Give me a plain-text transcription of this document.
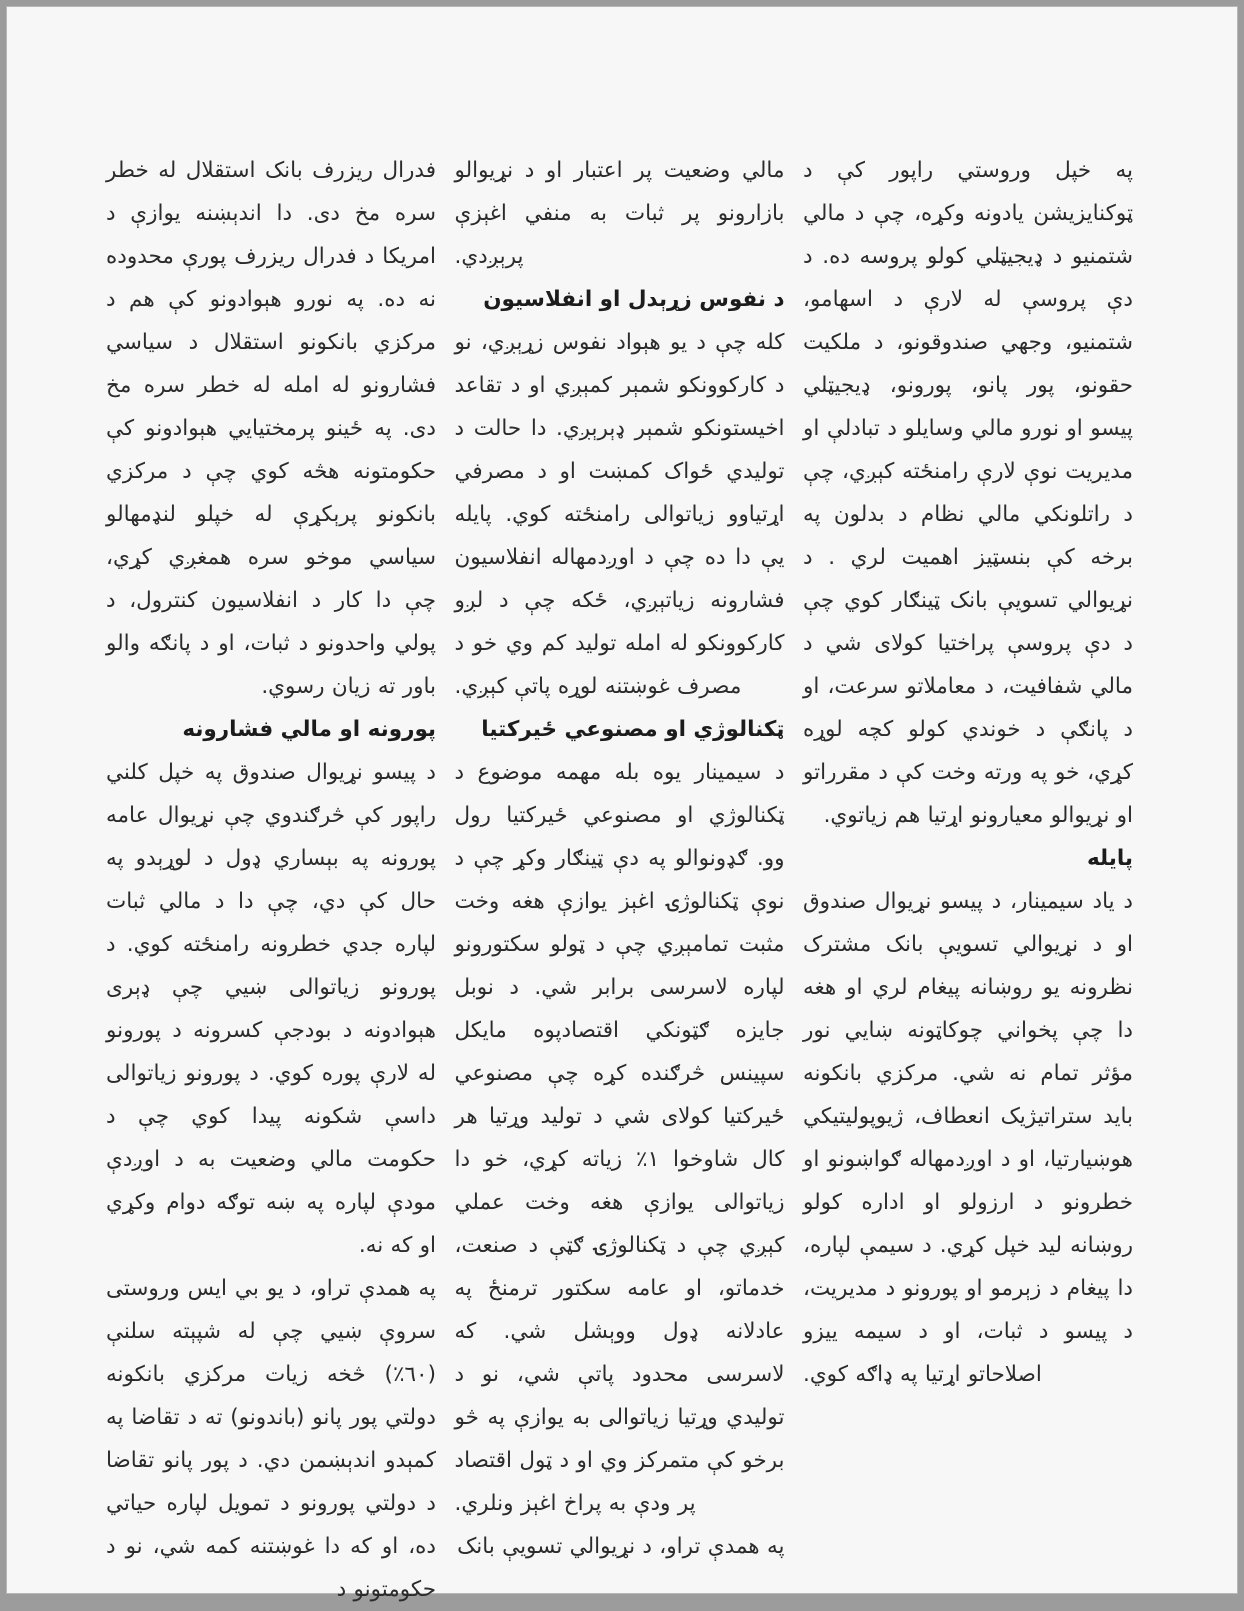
فدرال ریزرف بانک استقلال له خطر سره مخ دی. دا اندېښنه یوازې د امریکا د فدرال ریزرف پورې محدوده نه ده. په نورو هېوادونو کې هم د مرکزي بانکونو استقلال د سیاسي فشارونو له امله له خطر سره مخ دی. په ځینو پرمختیایي هېوادونو کې حکومتونه هڅه کوي چې د مرکزي بانکونو پرېکړې له خپلو لنډمهالو سیاسي موخو سره همغږي کړي، چې دا کار د انفلاسیون کنترول، د پولي واحدونو د ثبات، او د پانګه والو باور ته زیان رسوي.

پورونه او مالي فشارونه

د پیسو نړیوال صندوق په خپل کلني راپور کې څرګندوي چې نړیوال عامه پورونه په بېساري ډول د لوړېدو په حال کې دي، چې دا د مالي ثبات لپاره جدي خطرونه رامنځته کوي. د پورونو زیاتوالی ښيي چې ډېری هېوادونه د بودجې کسرونه د پورونو له لارې پوره کوي. د پورونو زیاتوالی داسې شکونه پیدا کوي چې د حکومت مالي وضعیت به د اوږدې مودې لپاره په ښه توګه دوام وکړي او که نه.

په همدې تراو، د یو بي ایس وروستی سروې ښيي چې له شپېته سلنې (٦٠٪) څخه زیات مرکزي بانکونه دولتي پور پانو (باندونو) ته د تقاضا په کمېدو اندېښمن دي. د پور پانو تقاضا د دولتي پورونو د تمویل لپاره حیاتي ده، او که دا غوښتنه کمه شي، نو د حکومتونو د

مالي وضعیت پر اعتبار او د نړیوالو بازارونو پر ثبات به منفي اغېزې پرېږدي.

د نفوس زړېدل او انفلاسیون

کله چې د یو هېواد نفوس زړېږي، نو د کارکوونکو شمېر کمېږي او د تقاعد اخیستونکو شمېر ډېرېږي. دا حالت د تولیدي ځواک کمښت او د مصرفي اړتیاوو زیاتوالی رامنځته کوي. پایله یې دا ده چې د اوږدمهاله انفلاسیون فشارونه زیاتېږي، ځکه چې د لږو کارکوونکو له امله تولید کم وي خو د مصرف غوښتنه لوړه پاتې کېږي.

ټکنالوژي او مصنوعي ځيرکتيا

د سیمینار یوه بله مهمه موضوع د ټکنالوژي او مصنوعي ځيرکتيا رول وو. ګډونوالو په دې ټینګار وکړ چې د نوې ټکنالوژۍ اغېز یوازې هغه وخت مثبت تمامېږي چې د ټولو سکتورونو لپاره لاسرسی برابر شي. د نوبل جایزه ګټونکي اقتصادپوه مایکل سپینس څرګنده کړه چې مصنوعي ځيرکتيا کولای شي د تولید وړتیا هر کال شاوخوا ۱٪ زیاته کړي، خو دا زیاتوالی یوازې هغه وخت عملي کېږي چې د ټکنالوژۍ ګټې د صنعت، خدماتو، او عامه سکتور ترمنځ په عادلانه ډول ووېشل شي. که لاسرسی محدود پاتې شي، نو د تولیدي وړتیا زیاتوالی به یوازې په څو برخو کې متمرکز وي او د ټول اقتصاد پر ودې به پراخ اغېز ونلري.

په همدې تراو، د نړیوالي تسویې بانک

په خپل وروستي راپور کې د ټوکنایزیشن یادونه وکړه، چې د مالي شتمنیو د ډیجیټلي کولو پروسه ده. د دې پروسې له لارې د اسهامو، شتمنیو، وجهي صندوقونو، د ملکیت حقونو، پور پانو، پورونو، ډیجیټلي پیسو او نورو مالي وسایلو د تبادلې او مدیریت نوې لارې رامنځته کېږي، چې د راتلونکي مالي نظام د بدلون په برخه کې بنسټیز اهمیت لري . د نړیوالي تسویې بانک ټینګار کوي چې د دې پروسې پراختیا کولای شي د مالي شفافیت، د معاملاتو سرعت، او د پانګې د خوندي کولو کچه لوړه کړي، خو په ورته وخت کې د مقرراتو او نړیوالو معیارونو اړتیا هم زیاتوي.

پایله

د یاد سیمینار، د پیسو نړیوال صندوق او د نړیوالي تسویې بانک مشترک نظرونه یو روښانه پیغام لري او هغه دا چې پخواني چوکاټونه ښایي نور مؤثر تمام نه شي. مرکزي بانکونه باید ستراتیژیک انعطاف، ژیوپولیتیکي هوښیارتیا، او د اوږدمهاله ګواښونو او خطرونو د ارزولو او اداره کولو روښانه لید خپل کړي. د سیمې لپاره، دا پیغام د زېرمو او پورونو د مدیریت، د پیسو د ثبات، او د سیمه ییزو اصلاحاتو اړتیا په ډاګه کوي.
